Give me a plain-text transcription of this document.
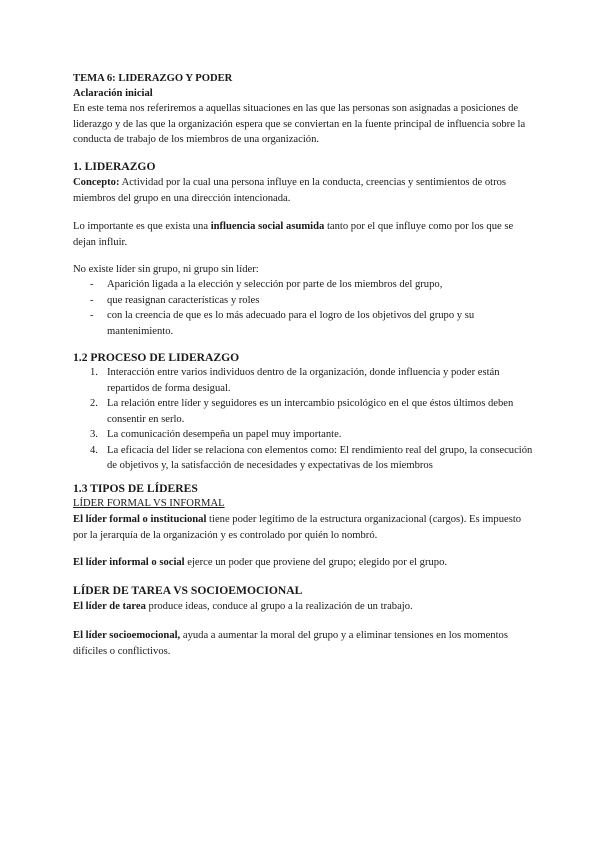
TEMA 6: LIDERAZGO Y PODER

Aclaración inicial

En este tema nos referiremos a aquellas situaciones en las que las personas son asignadas a posiciones de liderazgo y de las que la organización espera que se conviertan en la fuente principal de influencia sobre la conducta de trabajo de los miembros de una organización.

1. LIDERAZGO

Concepto: Actividad por la cual una persona influye en la conducta, creencias y sentimientos de otros miembros del grupo en una dirección intencionada.

Lo importante es que exista una influencia social asumida tanto por el que influye como por los que se dejan influir.

No existe líder sin grupo, ni grupo sin líder:

- Aparición ligada a la elección y selección por parte de los miembros del grupo,
- que reasignan características y roles
- con la creencia de que es lo más adecuado para el logro de los objetivos del grupo y su mantenimiento.

1.2 PROCESO DE LIDERAZGO

1. Interacción entre varios individuos dentro de la organización, donde influencia y poder están repartidos de forma desigual.
2. La relación entre líder y seguidores es un intercambio psicológico en el que éstos últimos deben consentir en serlo.
3. La comunicación desempeña un papel muy importante.
4. La eficacia del líder se relaciona con elementos como: El rendimiento real del grupo, la consecución de objetivos y, la satisfacción de necesidades y expectativas de los miembros

1.3 TIPOS DE LÍDERES

LÍDER FORMAL VS INFORMAL

El líder formal o institucional tiene poder legítimo de la estructura organizacional (cargos). Es impuesto por la jerarquía de la organización y es controlado por quién lo nombró.

El líder informal o social ejerce un poder que proviene del grupo; elegido por el grupo.

LÍDER DE TAREA VS SOCIOEMOCIONAL

El líder de tarea produce ideas, conduce al grupo a la realización de un trabajo.

El líder socioemocional, ayuda a aumentar la moral del grupo y a eliminar tensiones en los momentos difíciles o conflictivos.
